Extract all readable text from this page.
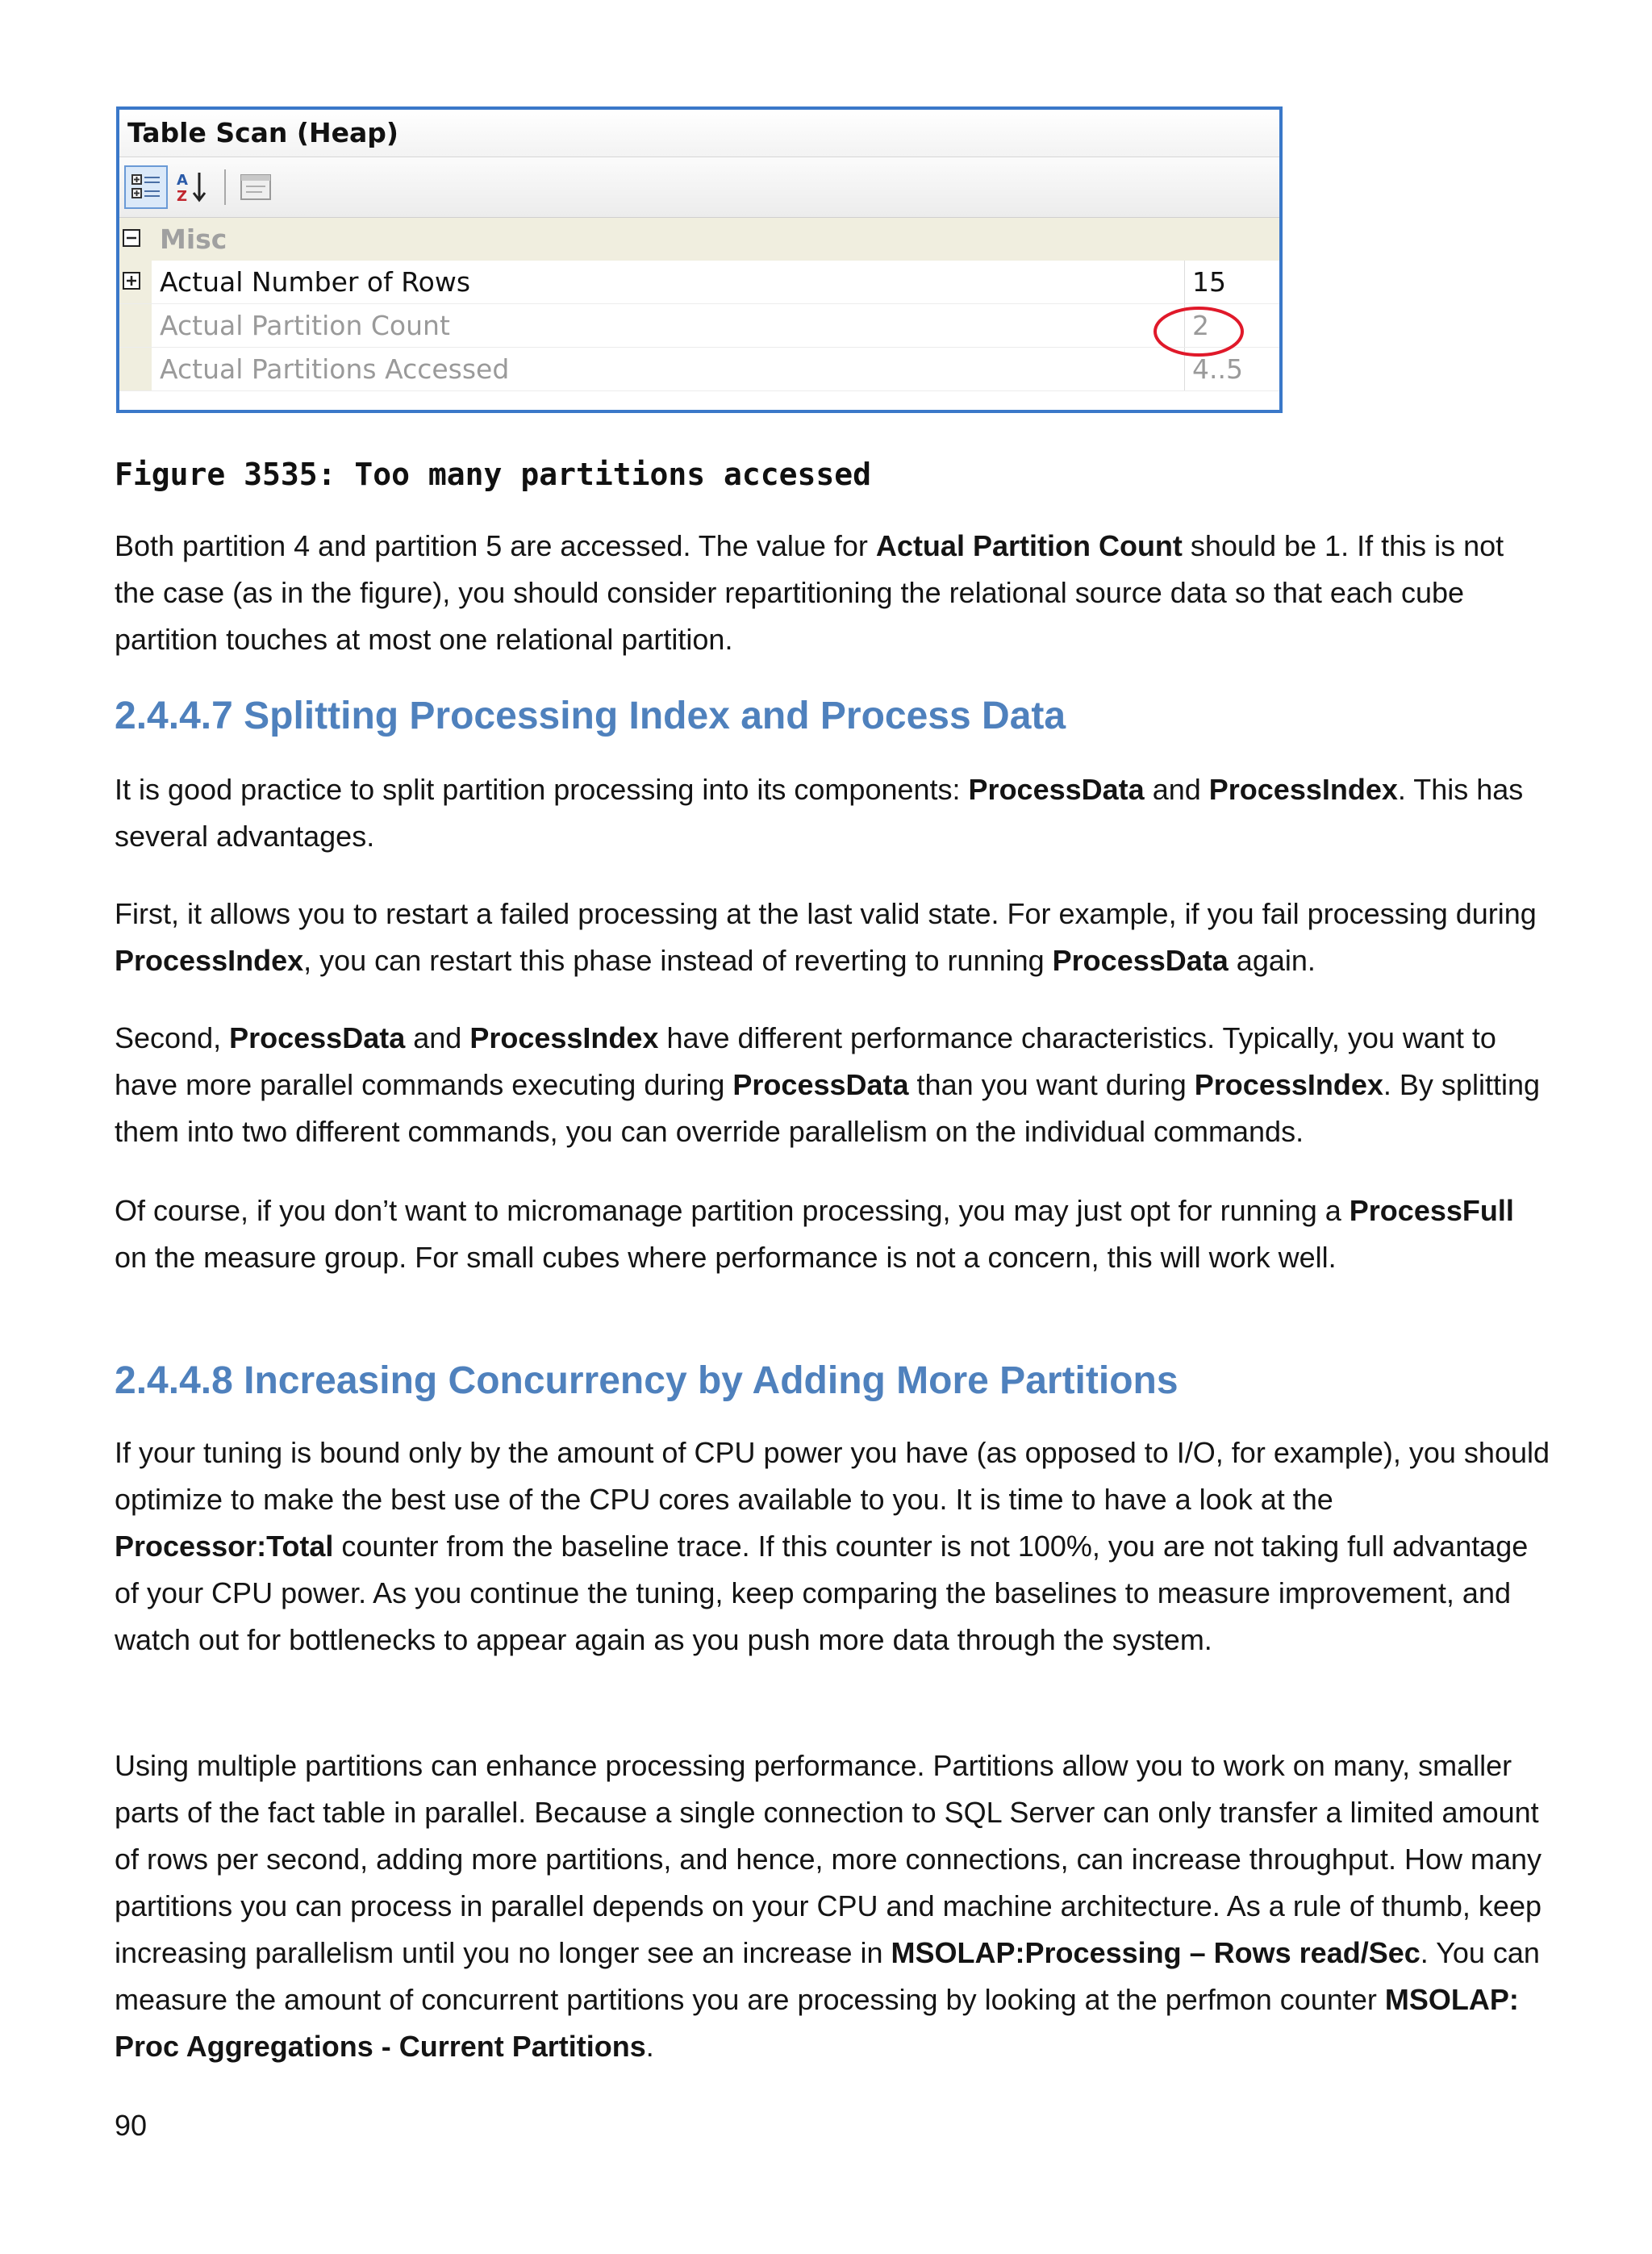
Table Scan (Heap)
A
Z
Misc
Actual Number of Rows	15
Actual Partition Count	2
Actual Partitions Accessed	4..5
Figure 3535: Too many partitions accessed

Both partition 4 and partition 5 are accessed. The value for Actual Partition Count should be 1. If this is not the case (as in the figure), you should consider repartitioning the relational source data so that each cube partition touches at most one relational partition.

2.4.4.7 Splitting Processing Index and Process Data

It is good practice to split partition processing into its components: ProcessData and ProcessIndex. This has several advantages.

First, it allows you to restart a failed processing at the last valid state. For example, if you fail processing during ProcessIndex, you can restart this phase instead of reverting to running ProcessData again.

Second, ProcessData and ProcessIndex have different performance characteristics. Typically, you want to have more parallel commands executing during ProcessData than you want during ProcessIndex. By splitting them into two different commands, you can override parallelism on the individual commands.

Of course, if you don’t want to micromanage partition processing, you may just opt for running a ProcessFull on the measure group. For small cubes where performance is not a concern, this will work well.

2.4.4.8 Increasing Concurrency by Adding More Partitions

If your tuning is bound only by the amount of CPU power you have (as opposed to I/O, for example), you should optimize to make the best use of the CPU cores available to you. It is time to have a look at the Processor:Total counter from the baseline trace. If this counter is not 100%, you are not taking full advantage of your CPU power. As you continue the tuning, keep comparing the baselines to measure improvement, and watch out for bottlenecks to appear again as you push more data through the system.

Using multiple partitions can enhance processing performance. Partitions allow you to work on many, smaller parts of the fact table in parallel. Because a single connection to SQL Server can only transfer a limited amount of rows per second, adding more partitions, and hence, more connections, can increase throughput. How many partitions you can process in parallel depends on your CPU and machine architecture. As a rule of thumb, keep increasing parallelism until you no longer see an increase in MSOLAP:Processing – Rows read/Sec. You can measure the amount of concurrent partitions you are processing by looking at the perfmon counter MSOLAP: Proc Aggregations - Current Partitions.

90
